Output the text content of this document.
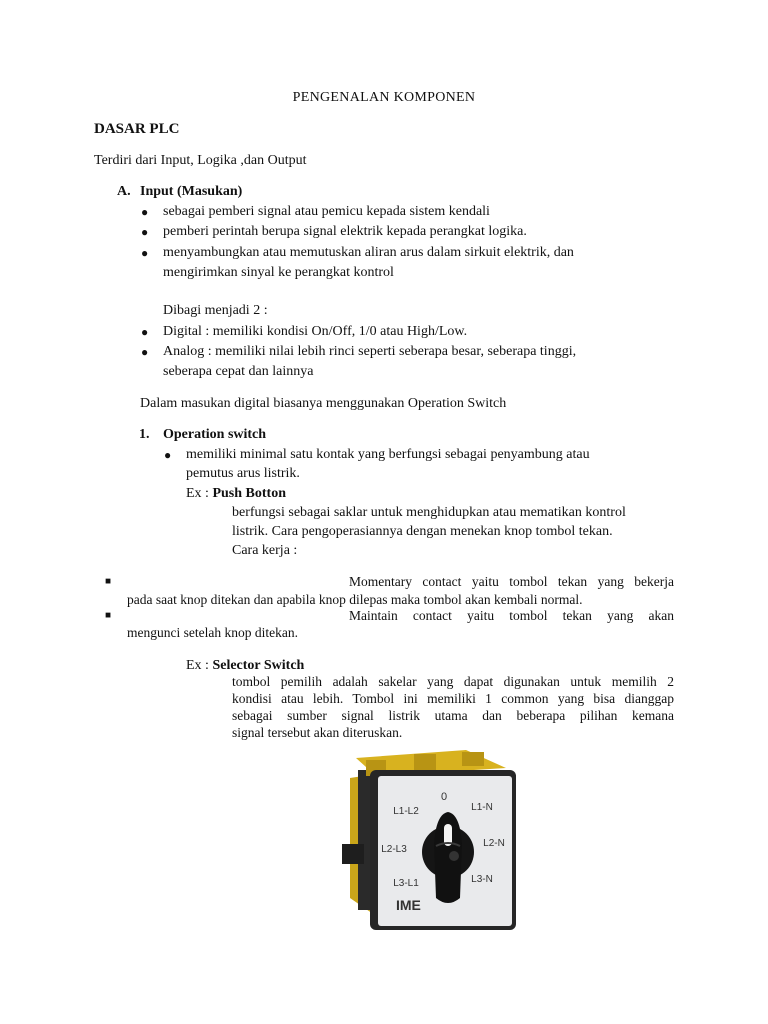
PENGENALAN KOMPONEN
DASAR PLC
Terdiri dari Input, Logika ,dan Output
A. Input (Masukan)
● sebagai pemberi signal atau pemicu kepada sistem kendali
● pemberi perintah berupa signal elektrik kepada perangkat logika.
● menyambungkan atau memutuskan aliran arus dalam sirkuit elektrik, dan
mengirimkan sinyal ke perangkat kontrol
Dibagi menjadi 2 :
● Digital : memiliki kondisi On/Off, 1/0 atau High/Low.
● Analog : memiliki nilai lebih rinci seperti seberapa besar, seberapa tinggi,
seberapa cepat dan lainnya
Dalam masukan digital biasanya menggunakan Operation Switch
1. Operation switch
● memiliki minimal satu kontak yang berfungsi sebagai penyambung atau
pemutus arus listrik.
Ex : Push Botton
berfungsi sebagai saklar untuk menghidupkan atau mematikan kontrol
listrik. Cara pengoperasiannya dengan menekan knop tombol tekan.
Cara kerja :
■	Momentary contact yaitu tombol tekan yang bekerja
pada saat knop ditekan dan apabila knop dilepas maka tombol akan kembali normal.
■	Maintain contact yaitu tombol tekan yang akan
mengunci setelah knop ditekan.
Ex : Selector Switch
tombol pemilih adalah sakelar yang dapat digunakan untuk memilih 2
kondisi atau lebih. Tombol ini memiliki 1 common yang bisa dianggap
sebagai sumber signal listrik utama dan beberapa pilihan kemana
signal tersebut akan diteruskan.
0
L1-L2	L1-N
L2-L3
L2-N
L3-L1	L3-N
IME
